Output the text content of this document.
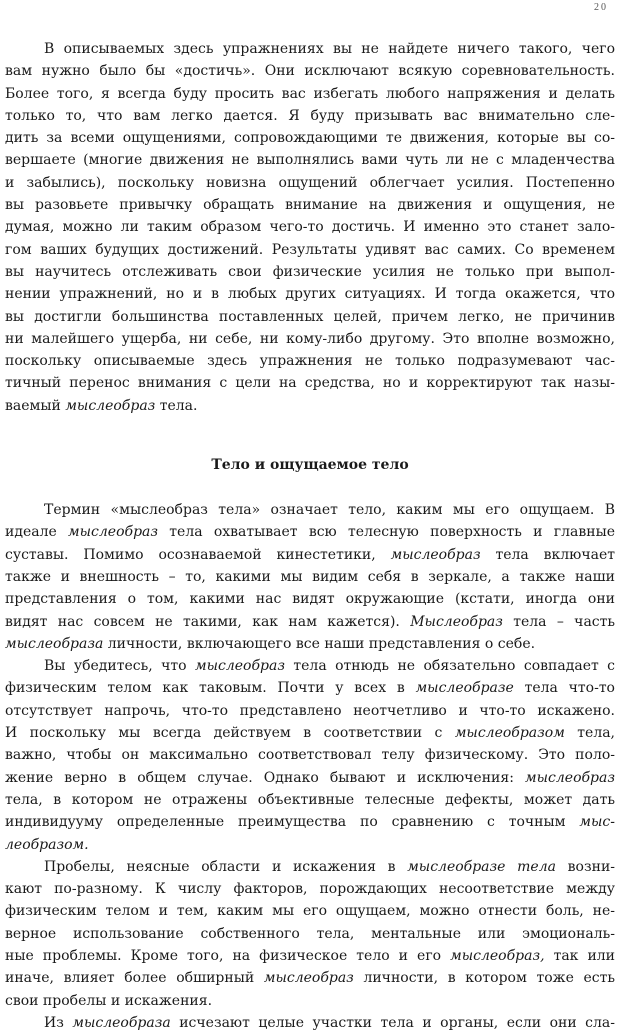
20
В описываемых здесь упражнениях вы не найдете ничего такого, чего
вам нужно было бы «достичь». Они исключают всякую соревновательность.
Более того, я всегда буду просить вас избегать любого напряжения и делать
только то, что вам легко дается. Я буду призывать вас внимательно сле-
дить за всеми ощущениями, сопровождающими те движения, которые вы со-
вершаете (многие движения не выполнялись вами чуть ли не с младенчества
и забылись), поскольку новизна ощущений облегчает усилия. Постепенно
вы разовьете привычку обращать внимание на движения и ощущения, не
думая, можно ли таким образом чего-то достичь. И именно это станет зало-
гом ваших будущих достижений. Результаты удивят вас самих. Со временем
вы научитесь отслеживать свои физические усилия не только при выпол-
нении упражнений, но и в любых других ситуациях. И тогда окажется, что
вы достигли большинства поставленных целей, причем легко, не причинив
ни малейшего ущерба, ни себе, ни кому-либо другому. Это вполне возможно,
поскольку описываемые здесь упражнения не только подразумевают час-
тичный перенос внимания с цели на средства, но и корректируют так назы-
ваемый мыслеобраз тела.
Тело и ощущаемое тело
Термин «мыслеобраз тела» означает тело, каким мы его ощущаем. В
идеале мыслеобраз тела охватывает всю телесную поверхность и главные
суставы. Помимо осознаваемой кинестетики, мыслеобраз тела включает
также и внешность – то, какими мы видим себя в зеркале, а также наши
представления о том, какими нас видят окружающие (кстати, иногда они
видят нас совсем не такими, как нам кажется). Мыслеобраз тела – часть
мыслеобраза личности, включающего все наши представления о себе.
Вы убедитесь, что мыслеобраз тела отнюдь не обязательно совпадает с
физическим телом как таковым. Почти у всех в мыслеобразе тела что-то
отсутствует напрочь, что-то представлено неотчетливо и что-то искажено.
И поскольку мы всегда действуем в соответствии с мыслеобразом тела,
важно, чтобы он максимально соответствовал телу физическому. Это поло-
жение верно в общем случае. Однако бывают и исключения: мыслеобраз
тела, в котором не отражены объективные телесные дефекты, может дать
индивидууму определенные преимущества по сравнению с точным мыс-
леобразом.
Пробелы, неясные области и искажения в мыслеобразе тела возни-
кают по-разному. К числу факторов, порождающих несоответствие между
физическим телом и тем, каким мы его ощущаем, можно отнести боль, не-
верное использование собственного тела, ментальные или эмоциональ-
ные проблемы. Кроме того, на физическое тело и его мыслеобраз, так или
иначе, влияет более обширный мыслеобраз личности, в котором тоже есть
свои пробелы и искажения.
Из мыслеобраза исчезают целые участки тела и органы, если они сла-
